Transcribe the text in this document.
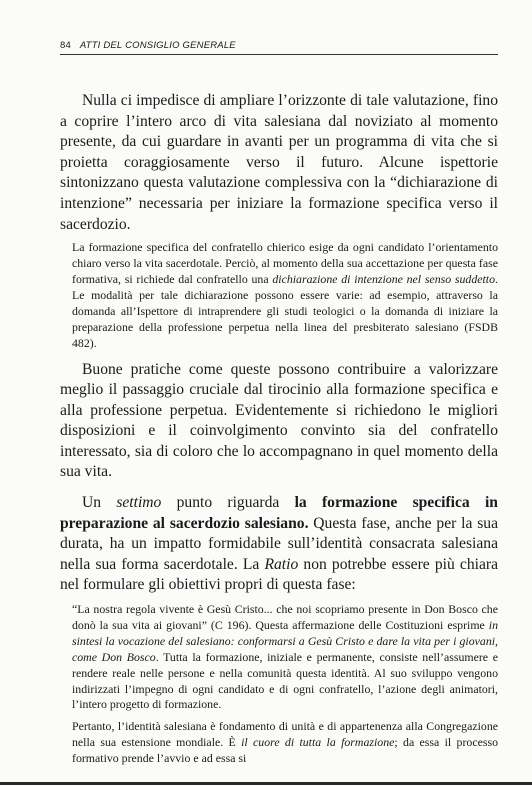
84 ATTI DEL CONSIGLIO GENERALE

Nulla ci impedisce di ampliare l’orizzonte di tale valutazione, fino a coprire l’intero arco di vita salesiana dal noviziato al momento presente, da cui guardare in avanti per un programma di vita che si proietta coraggiosamente verso il futuro. Alcune ispettorie sintonizzano questa valutazione complessiva con la “dichiarazione di intenzione” necessaria per iniziare la formazione specifica verso il sacerdozio.

La formazione specifica del confratello chierico esige da ogni candidato l’orientamento chiaro verso la vita sacerdotale. Perciò, al momento della sua accettazione per questa fase formativa, si richiede dal confratello una dichiarazione di intenzione nel senso suddetto. Le modalità per tale dichiarazione possono essere varie: ad esempio, attraverso la domanda all’Ispettore di intraprendere gli studi teologici o la domanda di iniziare la preparazione della professione perpetua nella linea del presbiterato salesiano (FSDB 482).

Buone pratiche come queste possono contribuire a valorizzare meglio il passaggio cruciale dal tirocinio alla formazione specifica e alla professione perpetua. Evidentemente si richiedono le migliori disposizioni e il coinvolgimento convinto sia del confratello interessato, sia di coloro che lo accompagnano in quel momento della sua vita.

Un settimo punto riguarda la formazione specifica in preparazione al sacerdozio salesiano. Questa fase, anche per la sua durata, ha un impatto formidabile sull’identità consacrata salesiana nella sua forma sacerdotale. La Ratio non potrebbe essere più chiara nel formulare gli obiettivi propri di questa fase:

“La nostra regola vivente è Gesù Cristo... che noi scopriamo presente in Don Bosco che donò la sua vita ai giovani” (C 196). Questa affermazione delle Costituzioni esprime in sintesi la vocazione del salesiano: conformarsi a Gesù Cristo e dare la vita per i giovani, come Don Bosco. Tutta la formazione, iniziale e permanente, consiste nell’assumere e rendere reale nelle persone e nella comunità questa identità. Al suo sviluppo vengono indirizzati l’impegno di ogni candidato e di ogni confratello, l’azione degli animatori, l’intero progetto di formazione.

Pertanto, l’identità salesiana è fondamento di unità e di appartenenza alla Congregazione nella sua estensione mondiale. È il cuore di tutta la formazione; da essa il processo formativo prende l’avvio e ad essa si
